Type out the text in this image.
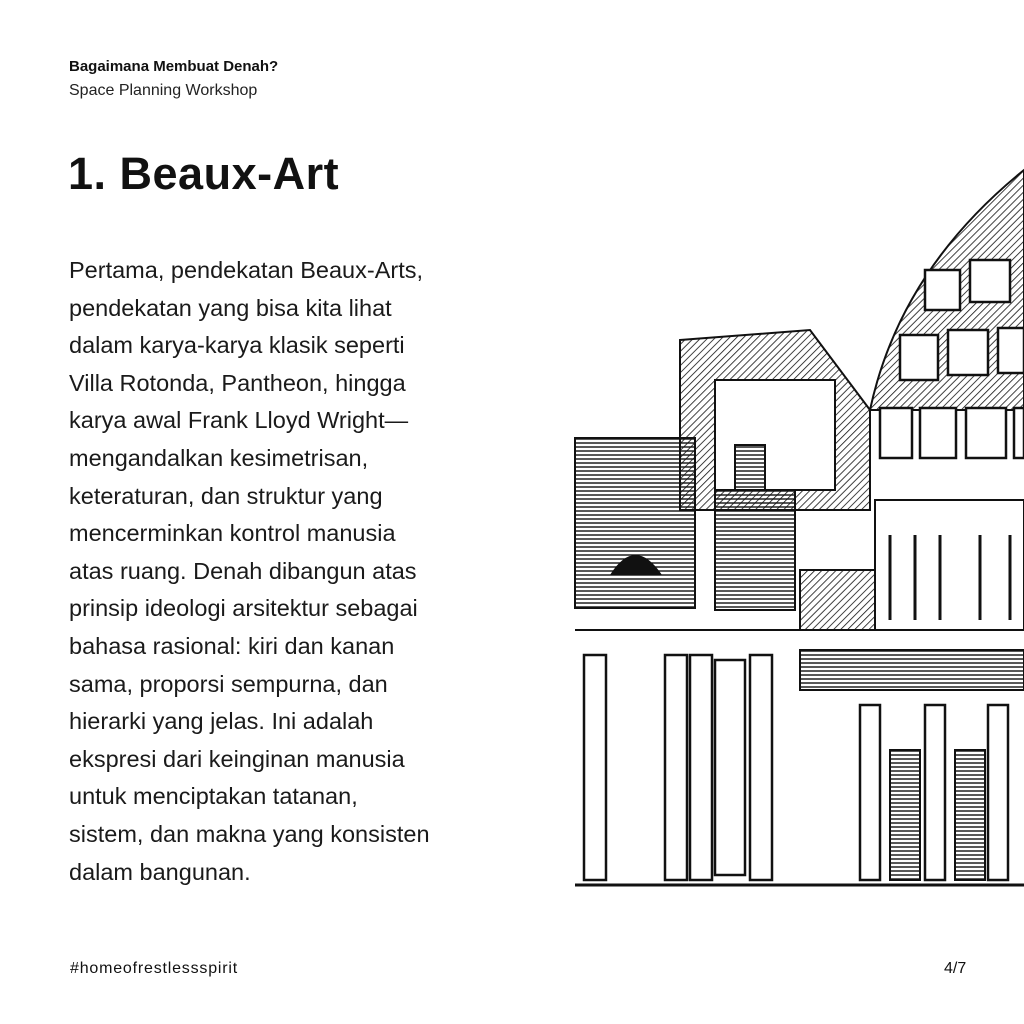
Bagaimana Membuat Denah?
Space Planning Workshop
1. Beaux-Art
Pertama, pendekatan Beaux-Arts,
pendekatan yang bisa kita lihat
dalam karya-karya klasik seperti
Villa Rotonda, Pantheon, hingga
karya awal Frank Lloyd Wright—
mengandalkan kesimetrisan,
keteraturan, dan struktur yang
mencerminkan kontrol manusia
atas ruang. Denah dibangun atas
prinsip ideologi arsitektur sebagai
bahasa rasional: kiri dan kanan
sama, proporsi sempurna, dan
hierarki yang jelas. Ini adalah
ekspresi dari keinginan manusia
untuk menciptakan tatanan,
sistem, dan makna yang konsisten
dalam bangunan.
#homeofrestlessspirit	4/7
